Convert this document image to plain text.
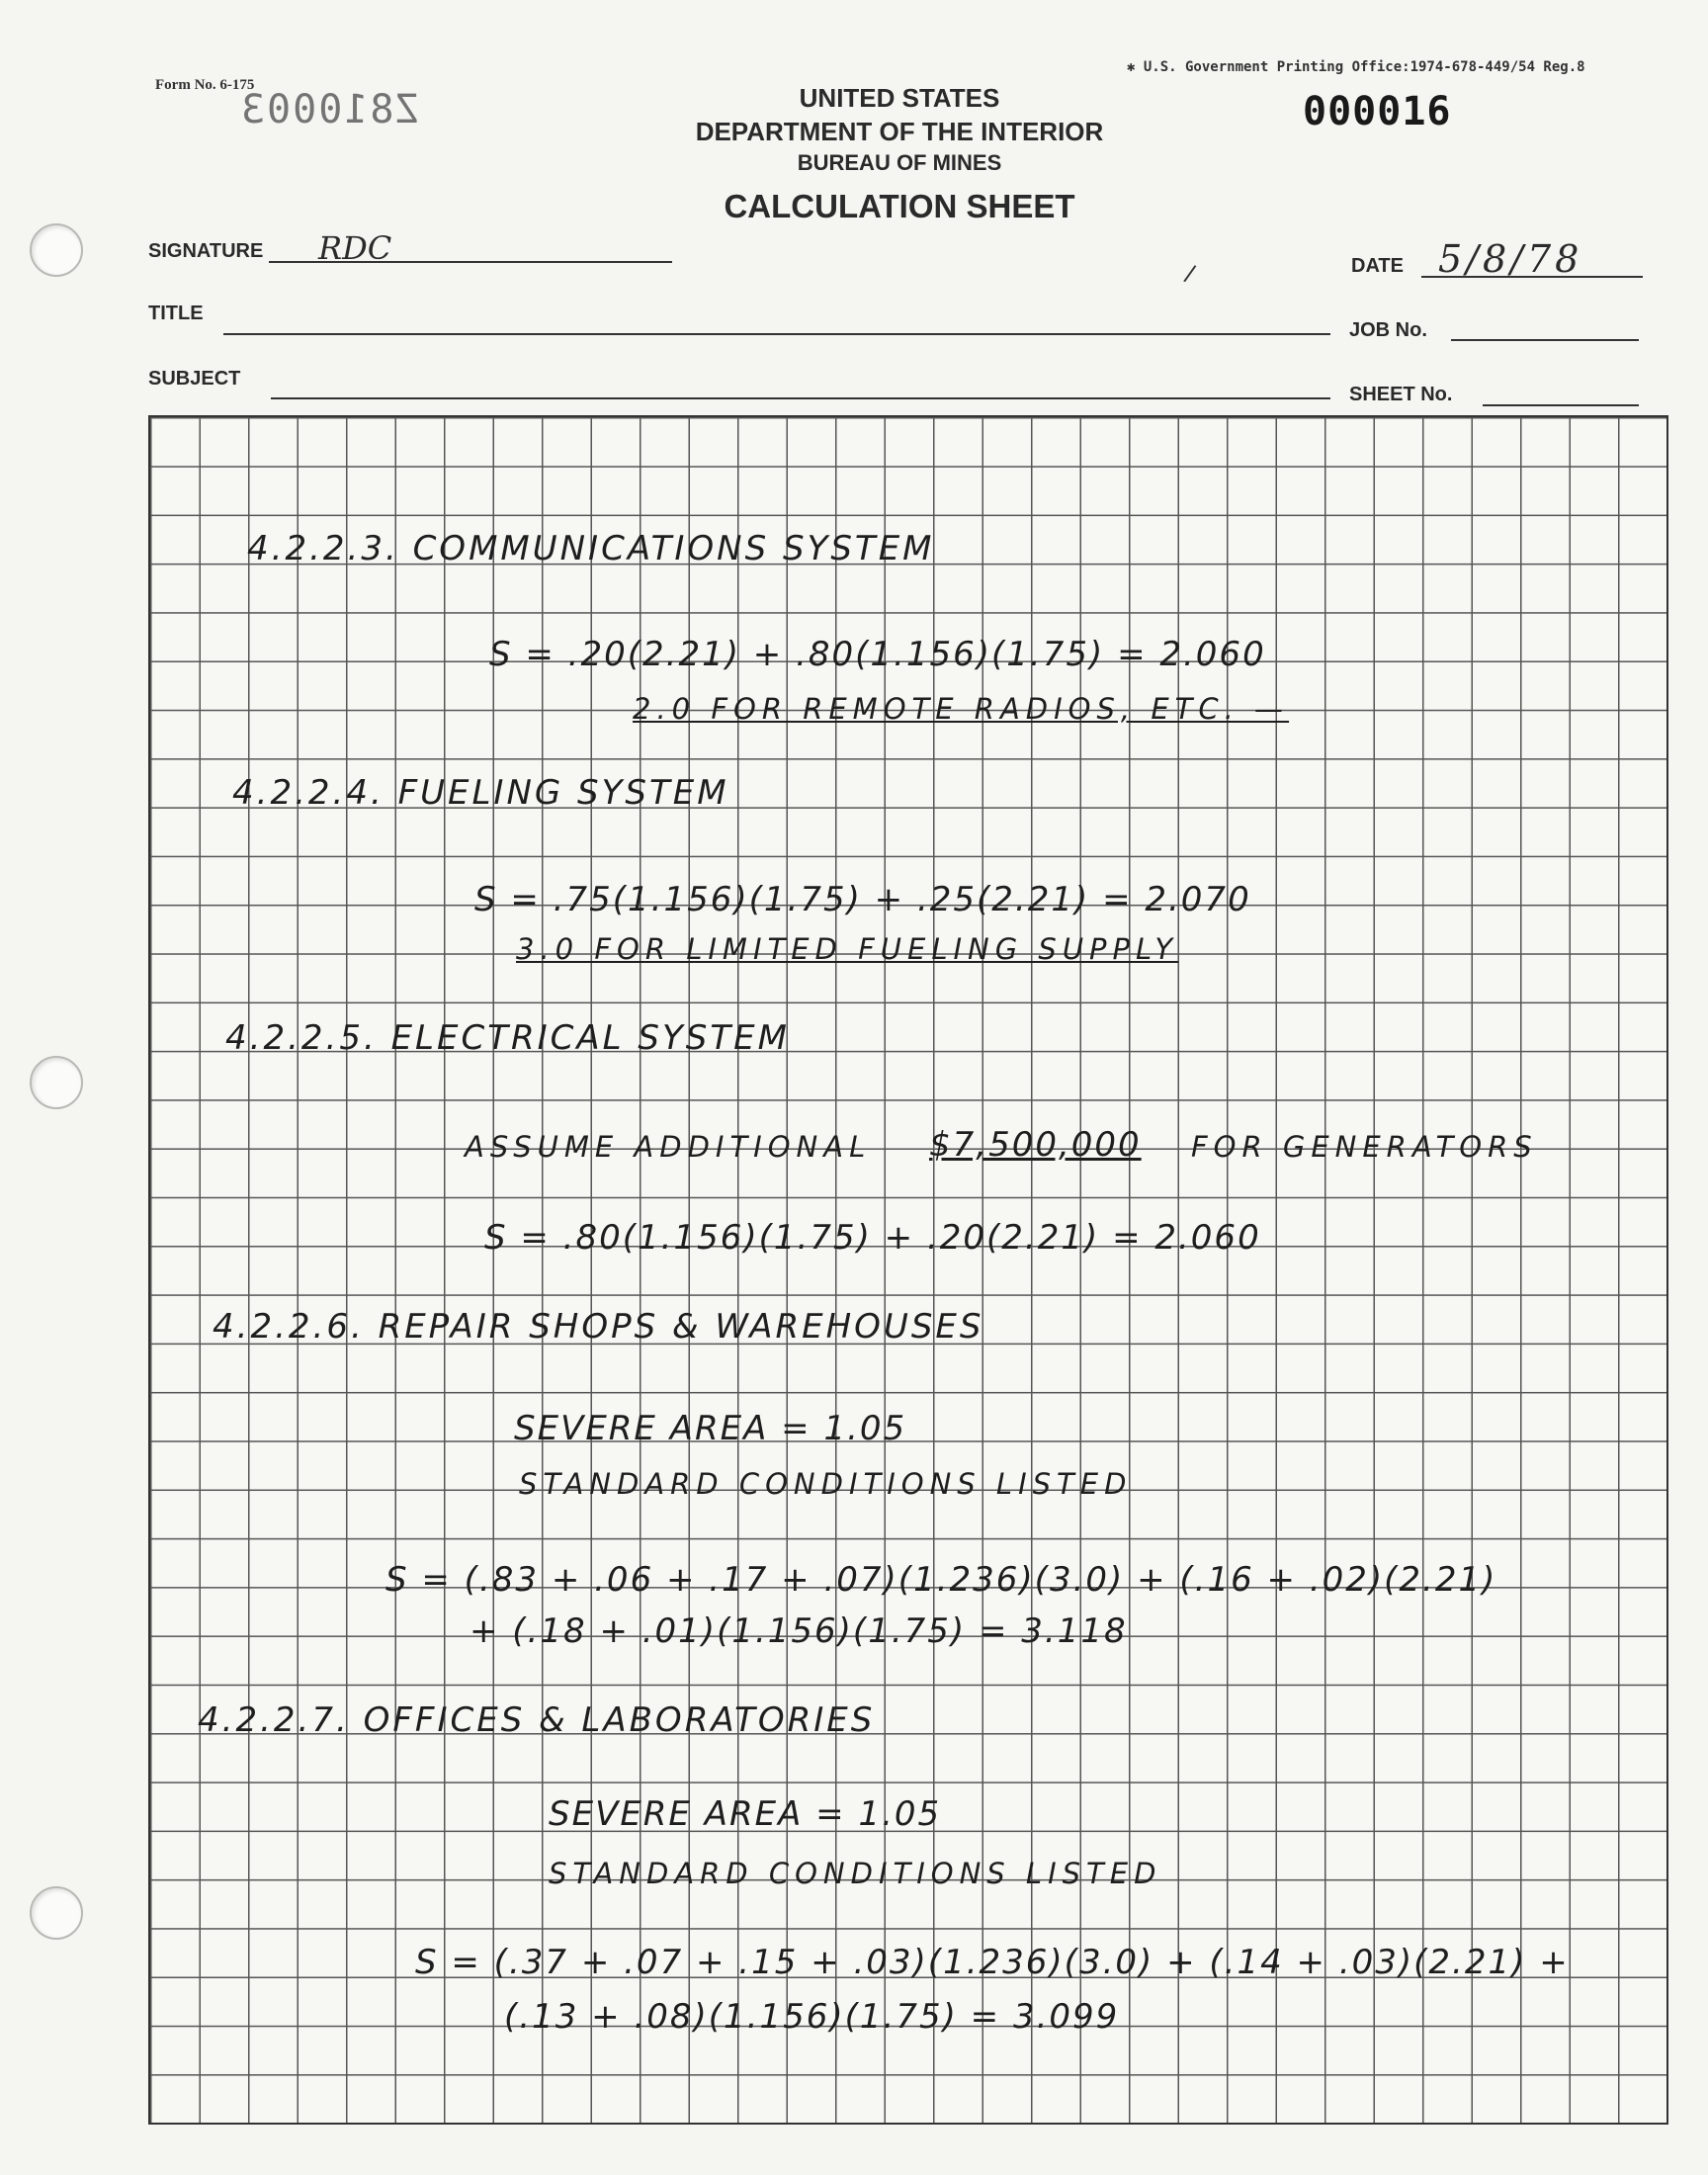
Form No. 6-175
Z810003
✱ U.S. Government Printing Office:1974-678-449/54 Reg.8
000016
UNITED STATES
DEPARTMENT OF THE INTERIOR
BUREAU OF MINES
CALCULATION SHEET
SIGNATURE RDC
/	DATE 5/8/78
TITLE
JOB No.
SUBJECT
SHEET No.
4.2.2.3. COMMUNICATIONS SYSTEM
S = .20(2.21) + .80(1.156)(1.75) = 2.060
2.0 FOR REMOTE RADIOS, ETC. —
4.2.2.4. FUELING SYSTEM
S = .75(1.156)(1.75) + .25(2.21) = 2.070
3.0 FOR LIMITED FUELING SUPPLY
4.2.2.5. ELECTRICAL SYSTEM
ASSUME ADDITIONAL $7,500,000 FOR GENERATORS
S = .80(1.156)(1.75) + .20(2.21) = 2.060
4.2.2.6. REPAIR SHOPS & WAREHOUSES
SEVERE AREA = 1.05
STANDARD CONDITIONS LISTED
S = (.83 + .06 + .17 + .07)(1.236)(3.0) + (.16 + .02)(2.21)
+ (.18 + .01)(1.156)(1.75) = 3.118
4.2.2.7. OFFICES & LABORATORIES
SEVERE AREA = 1.05
STANDARD CONDITIONS LISTED
S = (.37 + .07 + .15 + .03)(1.236)(3.0) + (.14 + .03)(2.21) +
(.13 + .08)(1.156)(1.75) = 3.099
